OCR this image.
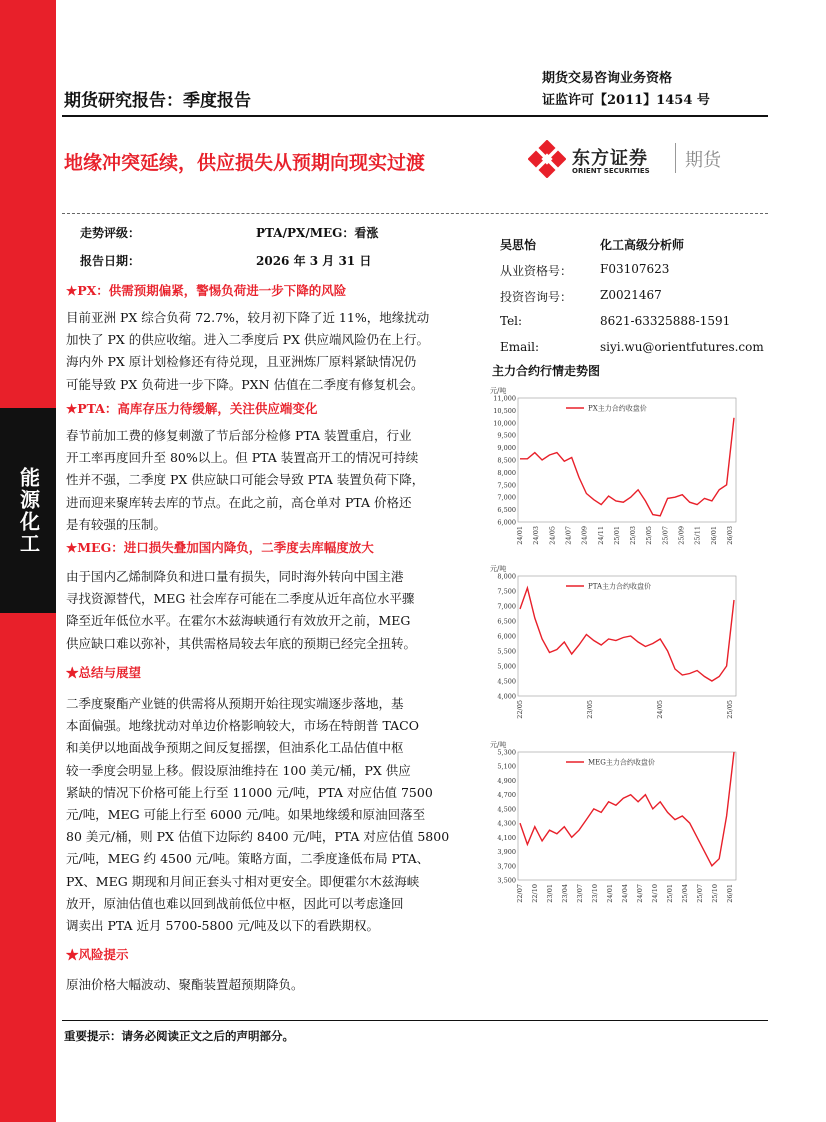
能源化工
期货研究报告：季度报告
期货交易咨询业务资格
证监许可【2011】1454 号
地缘冲突延续，供应损失从预期向现实过渡	东方证券
ORIENT SECURITIES 期货
走势评级：	PTA/PX/MEG：看涨
报告日期：	2026 年 3 月 31 日
吴思怡	化工高级分析师
从业资格号： F03107623
投资咨询号： Z0021467
Tel:	8621-63325888-1591
Email:	siyi.wu@orientfutures.com
★PX：供需预期偏紧，警惕负荷进一步下降的风险
目前亚洲 PX 综合负荷 72.7%，较月初下降了近 11%，地缘扰动
加快了 PX 的供应收缩。进入二季度后 PX 供应端风险仍在上行。
海内外 PX 原计划检修还有待兑现，且亚洲炼厂原料紧缺情况仍
可能导致 PX 负荷进一步下降。PXN 估值在二季度有修复机会。
★PTA：高库存压力待缓解，关注供应端变化
春节前加工费的修复刺激了节后部分检修 PTA 装置重启，行业
开工率再度回升至 80%以上。但 PTA 装置高开工的情况可持续
性并不强，二季度 PX 供应缺口可能会导致 PTA 装置负荷下降，
进而迎来聚库转去库的节点。在此之前，高仓单对 PTA 价格还
是有较强的压制。
★MEG：进口损失叠加国内降负，二季度去库幅度放大
由于国内乙烯制降负和进口量有损失，同时海外转向中国主港
寻找资源替代，MEG 社会库存可能在二季度从近年高位水平骤
降至近年低位水平。在霍尔木兹海峡通行有效放开之前，MEG
供应缺口难以弥补，其供需格局较去年底的预期已经完全扭转。
★总结与展望
二季度聚酯产业链的供需将从预期开始往现实端逐步落地，基
本面偏强。地缘扰动对单边价格影响较大，市场在特朗普 TACO
和美伊以地面战争预期之间反复摇摆，但油系化工品估值中枢
较一季度会明显上移。假设原油维持在 100 美元/桶，PX 供应
紧缺的情况下价格可能上行至 11000 元/吨，PTA 对应估值 7500
元/吨，MEG 可能上行至 6000 元/吨。如果地缘缓和原油回落至
80 美元/桶，则 PX 估值下边际约 8400 元/吨，PTA 对应估值 5800
元/吨，MEG 约 4500 元/吨。策略方面，二季度逢低布局 PTA、
PX、MEG 期现和月间正套头寸相对更安全。即便霍尔木兹海峡
放开，原油估值也难以回到战前低位中枢，因此可以考虑逢回
调卖出 PTA 近月 5700-5800 元/吨及以下的看跌期权。
★风险提示
原油价格大幅波动、聚酯装置超预期降负。
主力合约行情走势图
元/吨
6,000
6,500
7,000
7,500
8,000
8,500
9,000
9,500
10,000
10,500
11,000
24/01 24/03 24/05 24/07 24/09 24/11 25/01 25/03 25/05 25/07 25/09 25/11 26/01 26/03
PX主力合约收盘价
元/吨
4,000
4,500
5,000
5,500
6,000
6,500
7,000
7,500
8,000
22/05	23/05	24/05	25/05
PTA主力合约收盘价
元/吨
3,500
3,700
3,900
4,100
4,300
4,500
4,700
4,900
5,100
5,300
22/07 22/10 23/01 23/04 23/07 23/10 24/01 24/04 24/07 24/10 25/01 25/04 25/07 25/10 26/01
MEG主力合约收盘价
重要提示：请务必阅读正文之后的声明部分。
